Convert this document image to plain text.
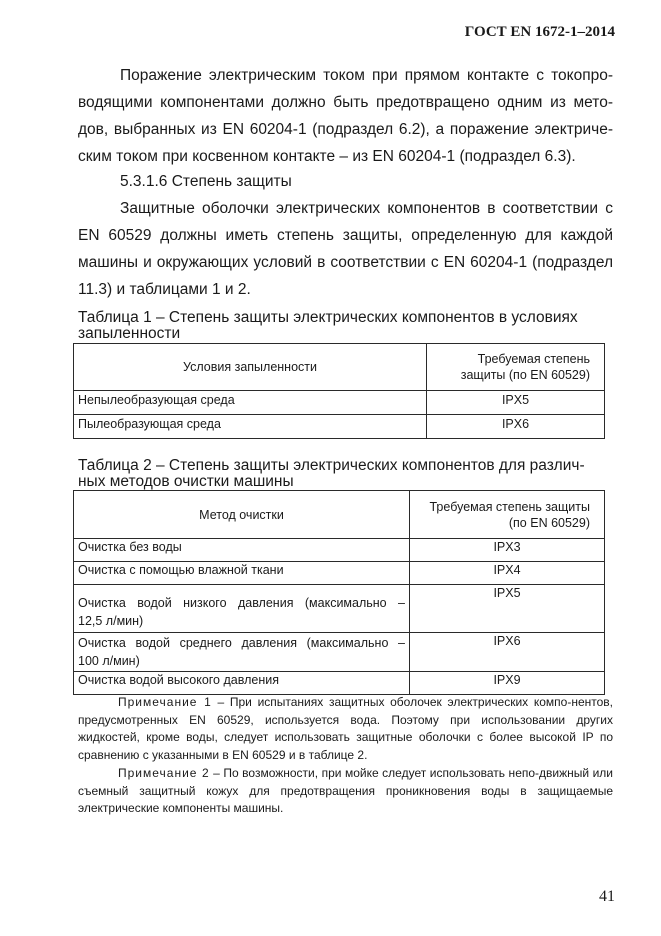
ГОСТ EN 1672-1–2014

Поражение электрическим током при прямом контакте с токопро-водящими компонентами должно быть предотвращено одним из мето-дов, выбранных из EN 60204-1 (подраздел 6.2), а поражение электриче-ским током при косвенном контакте – из EN 60204-1 (подраздел 6.3).

5.3.1.6 Степень защиты

Защитные оболочки электрических компонентов в соответствии с EN 60529 должны иметь степень защиты, определенную для каждой машины и окружающих условий в соответствии с EN 60204-1 (подраздел 11.3) и таблицами 1 и 2.

Таблица 1 – Степень защиты электрических компонентов в условиях запыленности

Условия запыленности	Требуемая степень защиты (по EN 60529)
Непылеобразующая среда	IPX5
Пылеобразующая среда	IPX6

Таблица 2 – Степень защиты электрических компонентов для различ-ных методов очистки машины

Метод очистки	Требуемая степень защиты (по EN 60529)
Очистка без воды	IPX3
Очистка с помощью влажной ткани	IPX4

Очистка водой низкого давления (максимально –
12,5 л/мин)	IPX5

Очистка водой среднего давления (максимально –
100 л/мин)	IPX6
Очистка водой высокого давления	IPX9

Примечание 1 – При испытаниях защитных оболочек электрических компо-нентов, предусмотренных EN 60529, используется вода. Поэтому при использовании других жидкостей, кроме воды, следует использовать защитные оболочки с более высокой IP по сравнению с указанными в EN 60529 и в таблице 2.

Примечание 2 – По возможности, при мойке следует использовать непо-движный или съемный защитный кожух для предотвращения проникновения воды в защищаемые электрические компоненты машины.

41
